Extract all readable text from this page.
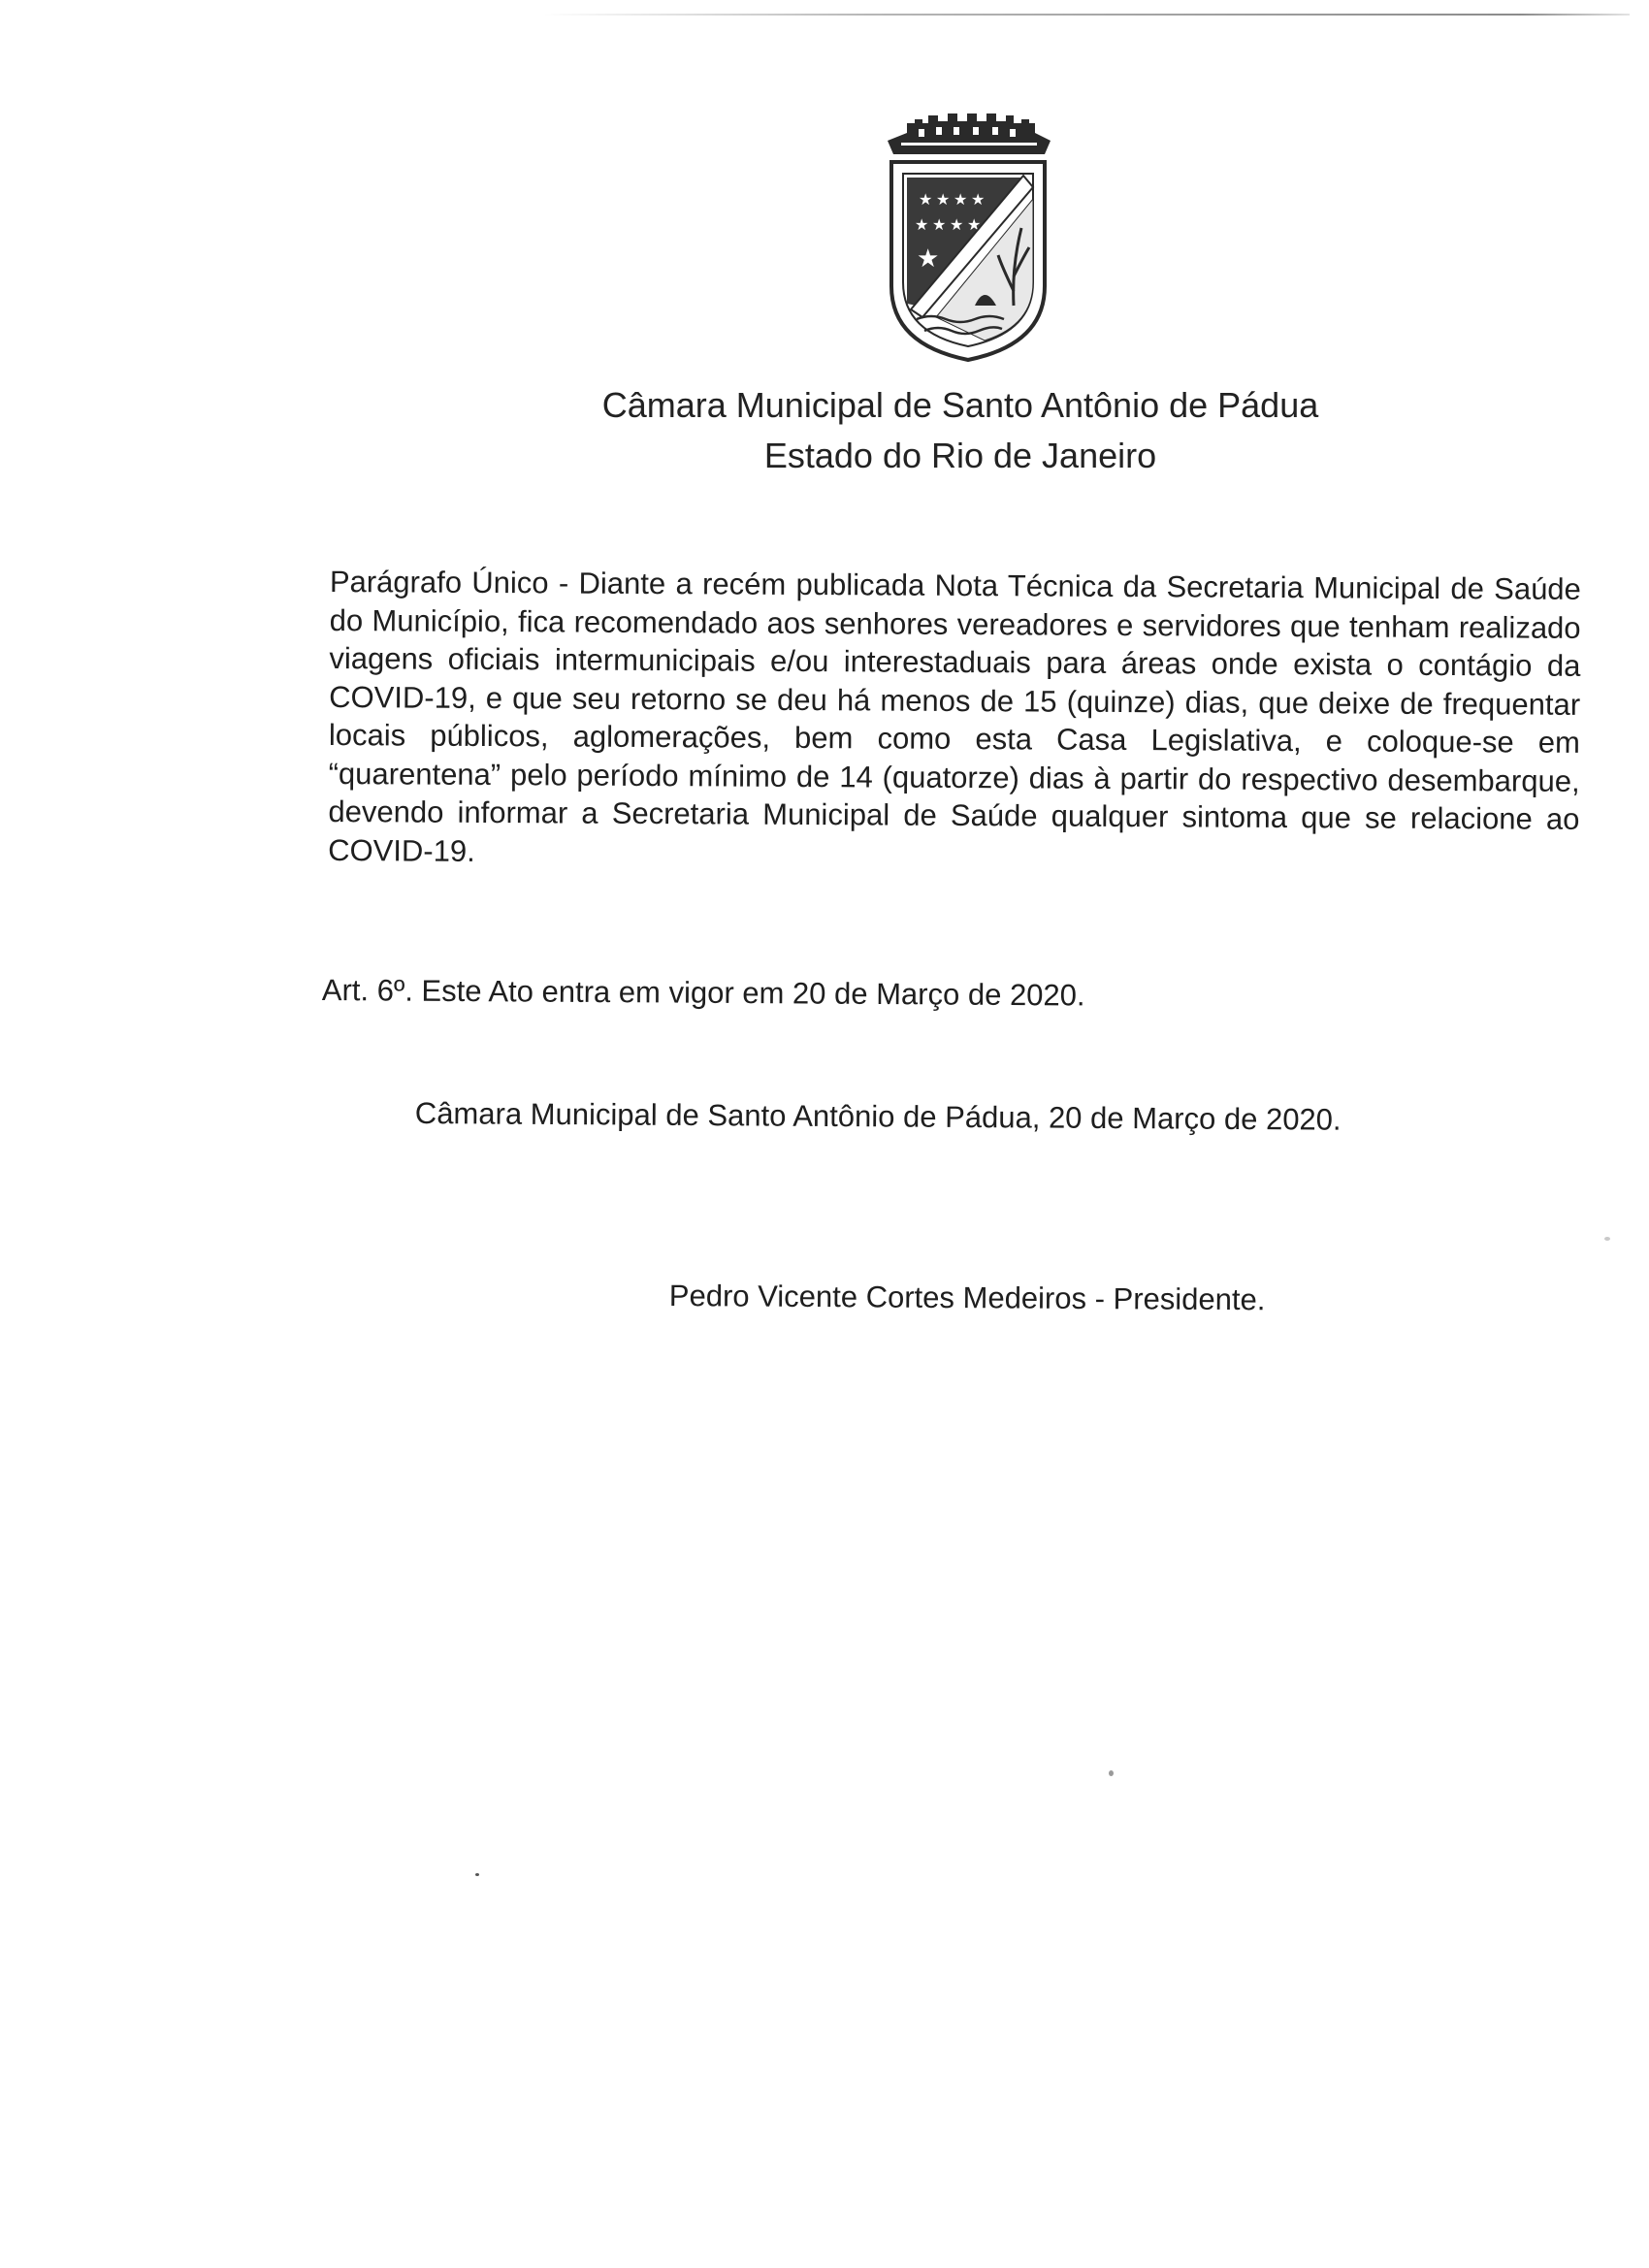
★ ★ ★ ★
★ ★ ★ ★
★
Câmara Municipal de Santo Antônio de Pádua
Estado do Rio de Janeiro
Parágrafo Único - Diante a recém publicada Nota Técnica da Secretaria Municipal de Saúde do Município, fica recomendado aos senhores vereadores e servidores que tenham realizado viagens oficiais intermunicipais e/ou interestaduais para áreas onde exista o contágio da COVID-19, e que seu retorno se deu há menos de 15 (quinze) dias, que deixe de frequentar locais públicos, aglomerações, bem como esta Casa Legislativa, e coloque-se em “quarentena” pelo período mínimo de 14 (quatorze) dias à partir do respectivo desembarque, devendo informar a Secretaria Municipal de Saúde qualquer sintoma que se relacione ao COVID-19.
Art. 6º. Este Ato entra em vigor em 20 de Março de 2020.
Câmara Municipal de Santo Antônio de Pádua, 20 de Março de 2020.
Pedro Vicente Cortes Medeiros - Presidente.
